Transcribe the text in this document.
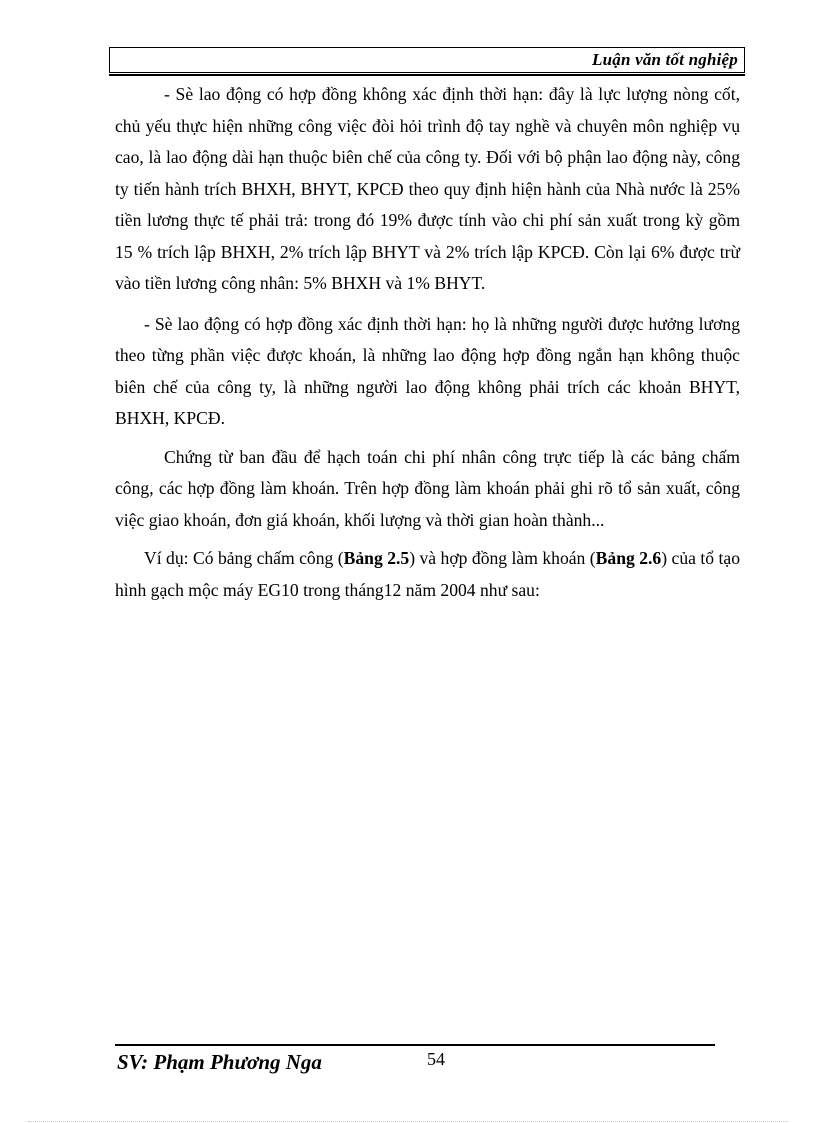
Luận văn tốt nghiệp

- Sè lao động có hợp đồng không xác định thời hạn: đây là lực lượng nòng cốt, chủ yếu thực hiện những công việc đòi hỏi trình độ tay nghề và chuyên môn nghiệp vụ cao, là lao động dài hạn thuộc biên chế của công ty. Đối với bộ phận lao động này, công ty tiến hành trích BHXH, BHYT, KPCĐ theo quy định hiện hành của Nhà nước là 25% tiền lương thực tế phải trả: trong đó 19% được tính vào chi phí sản xuất trong kỳ gồm 15 % trích lập BHXH, 2% trích lập BHYT và 2% trích lập KPCĐ. Còn lại 6% được trừ vào tiền lương công nhân: 5% BHXH và 1% BHYT.

- Sè lao động có hợp đồng xác định thời hạn: họ là những người được hưởng lương theo từng phần việc được khoán, là những lao động hợp đồng ngắn hạn không thuộc biên chế của công ty, là những người lao động không phải trích các khoản BHYT, BHXH, KPCĐ.

Chứng từ ban đầu để hạch toán chi phí nhân công trực tiếp là các bảng chấm công, các hợp đồng làm khoán. Trên hợp đồng làm khoán phải ghi rõ tổ sản xuất, công việc giao khoán, đơn giá khoán, khối lượng và thời gian hoàn thành...

Ví dụ: Có bảng chấm công (Bảng 2.5) và hợp đồng làm khoán (Bảng 2.6) của tổ tạo hình gạch mộc máy EG10 trong tháng12 năm 2004 như sau:

SV: Phạm Phương Nga	54
